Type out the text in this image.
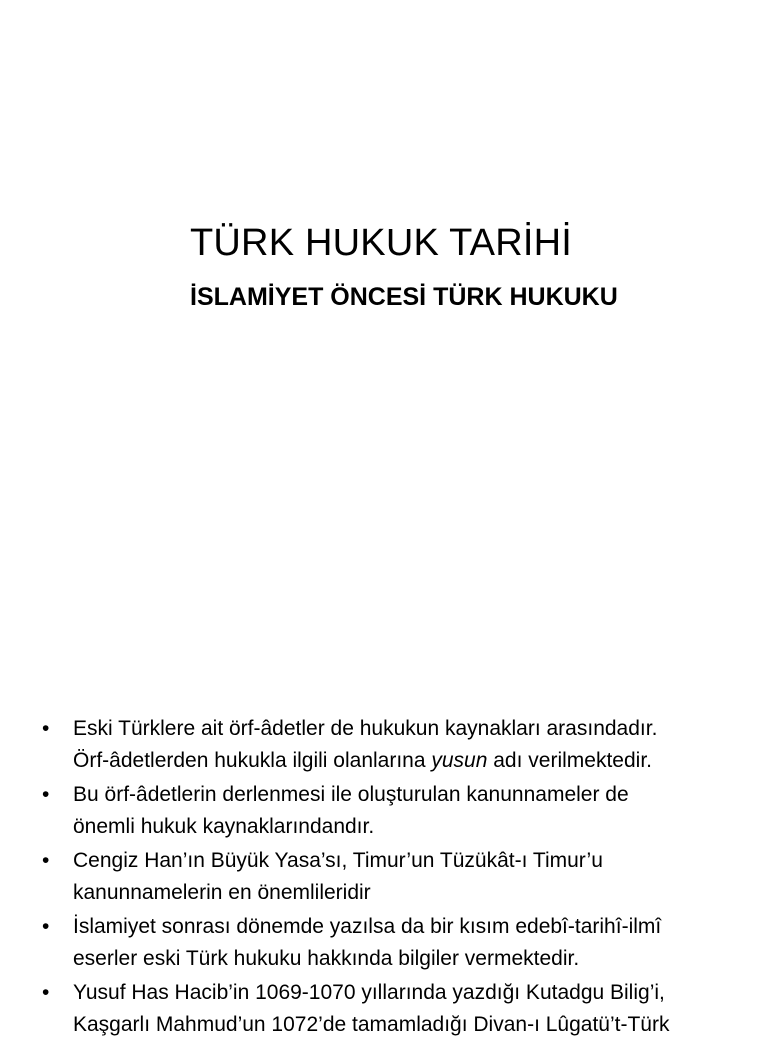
TÜRK HUKUK TARİHİ
İSLAMİYET ÖNCESİ TÜRK HUKUKU
• Eski Türklere ait örf-âdetler de hukukun kaynakları arasındadır.
Örf-âdetlerden hukukla ilgili olanlarına yusun adı verilmektedir.
• Bu örf-âdetlerin derlenmesi ile oluşturulan kanunnameler de
önemli hukuk kaynaklarındandır.
• Cengiz Han’ın Büyük Yasa’sı, Timur’un Tüzükât-ı Timur’u
kanunnamelerin en önemlileridir
• İslamiyet sonrası dönemde yazılsa da bir kısım edebî-tarihî-ilmî
eserler eski Türk hukuku hakkında bilgiler vermektedir.
• Yusuf Has Hacib’in 1069-1070 yıllarında yazdığı Kutadgu Bilig’i,
Kaşgarlı Mahmud’un 1072’de tamamladığı Divan-ı Lûgatü’t-Türk
